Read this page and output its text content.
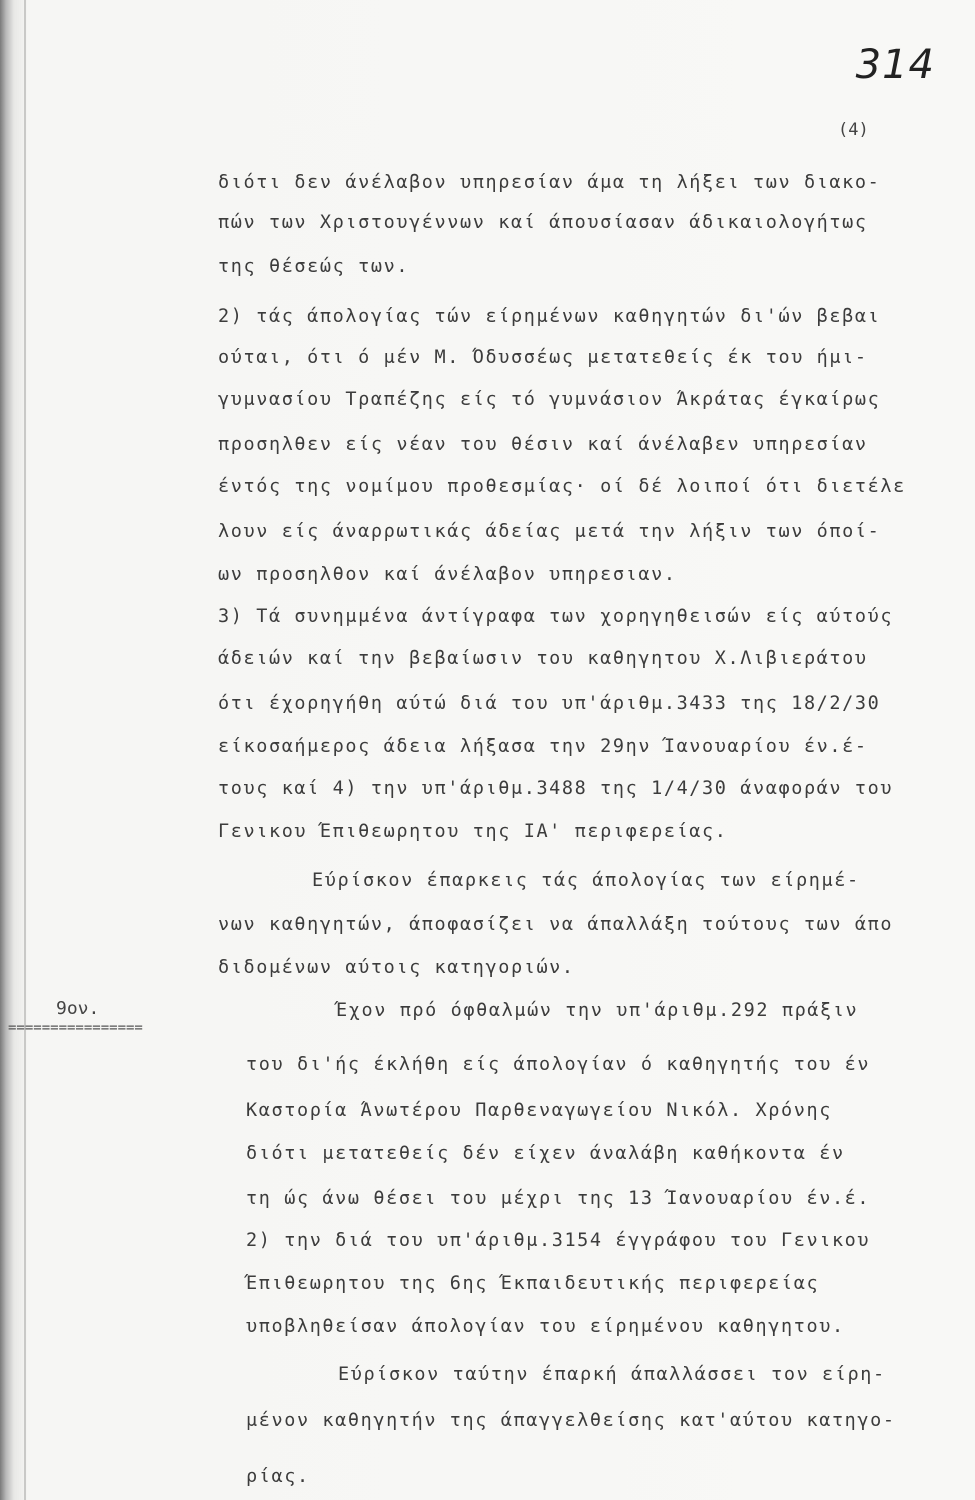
314
(4)
διότι δεν άνέλαβον υπηρεσίαν άμα τη λήξει των διακο-
πών των Χριστουγέννων καί άπουσίασαν άδικαιολογήτως
της θέσεώς των.
2) τάς άπολογίας τών είρημένων καθηγητών δι'ών βεβαι
ούται, ότι ό μέν Μ. Όδυσσέως μετατεθείς έκ του ήμι-
γυμνασίου Τραπέζης είς τό γυμνάσιον Άκράτας έγκαίρως
προσηλθεν είς νέαν του θέσιν καί άνέλαβεν υπηρεσίαν
έντός της νομίμου προθεσμίας· οί δέ λοιποί ότι διετέλε
λουν είς άναρρωτικάς άδείας μετά την λήξιν των όποί-
ων προσηλθον καί άνέλαβον υπηρεσιαν.
3) Τά συνημμένα άντίγραφα των χορηγηθεισών είς αύτούς
άδειών καί την βεβαίωσιν του καθηγητου Χ.Λιβιεράτου
ότι έχορηγήθη αύτώ διά του υπ'άριθμ.3433 της 18/2/30
είκοσαήμερος άδεια λήξασα την 29ην Ίανουαρίου έν.έ-
τους καί 4) την υπ'άριθμ.3488 της 1/4/30 άναφοράν του
Γενικου Έπιθεωρητου της ΙΑ' περιφερείας.
Εύρίσκον έπαρκεις τάς άπολογίας των είρημέ-
νων καθηγητών, άποφασίζει να άπαλλάξη τούτους των άπο
διδομένων αύτοις κατηγοριών.
9ον.
================
Έχον πρό όφθαλμών την υπ'άριθμ.292 πράξιν
του δι'ής έκλήθη είς άπολογίαν ό καθηγητής του έν
Καστορία Άνωτέρου Παρθεναγωγείου Νικόλ. Χρόνης
διότι μετατεθείς δέν είχεν άναλάβη καθήκοντα έν
τη ώς άνω θέσει του μέχρι της 13 Ίανουαρίου έν.έ.
2) την διά του υπ'άριθμ.3154 έγγράφου του Γενικου
Έπιθεωρητου της 6ης Έκπαιδευτικής περιφερείας
υποβληθείσαν άπολογίαν του είρημένου καθηγητου.
Εύρίσκον ταύτην έπαρκή άπαλλάσσει τον είρη-
μένον καθηγητήν της άπαγγελθείσης κατ'αύτου κατηγο-
ρίας.
